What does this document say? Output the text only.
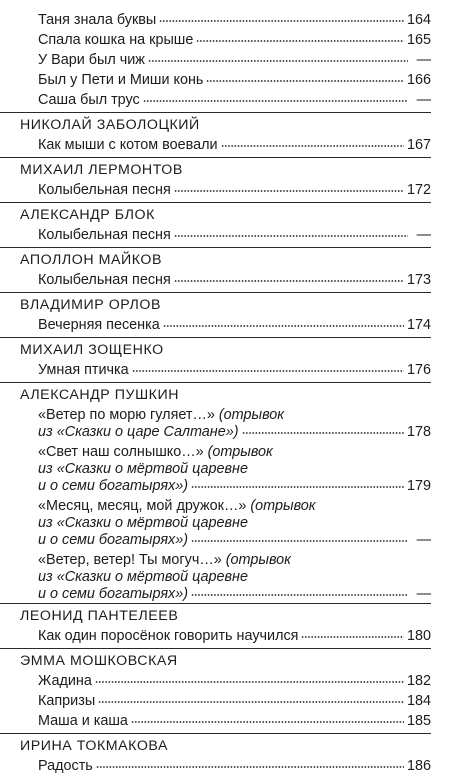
Таня знала буквы	164
Спала кошка на крыше	165
У Вари был чиж	—
Был у Пети и Миши конь	166
Саша был трус	—
НИКОЛАЙ ЗАБОЛОЦКИЙ
Как мыши с котом воевали	167
МИХАИЛ ЛЕРМОНТОВ
Колыбельная песня	172
АЛЕКСАНДР БЛОК
Колыбельная песня	—
АПОЛЛОН МАЙКОВ
Колыбельная песня	173
ВЛАДИМИР ОРЛОВ
Вечерняя песенка	174
МИХАИЛ ЗОЩЕНКО
Умная птичка	176
АЛЕКСАНДР ПУШКИН
«Ветер по морю гуляет…» (отрывок
из «Сказки о царе Салтане»)	178
«Свет наш солнышко…» (отрывок
из «Сказки о мёртвой царевне
и о семи богатырях»)	179
«Месяц, месяц, мой дружок…» (отрывок
из «Сказки о мёртвой царевне
и о семи богатырях»)	—
«Ветер, ветер! Ты могуч…» (отрывок
из «Сказки о мёртвой царевне
и о семи богатырях»)	—
ЛЕОНИД ПАНТЕЛЕЕВ
Как один поросёнок говорить научился	180
ЭММА МОШКОВСКАЯ
Жадина	182
Капризы	184
Маша и каша	185
ИРИНА ТОКМАКОВА
Радость	186
